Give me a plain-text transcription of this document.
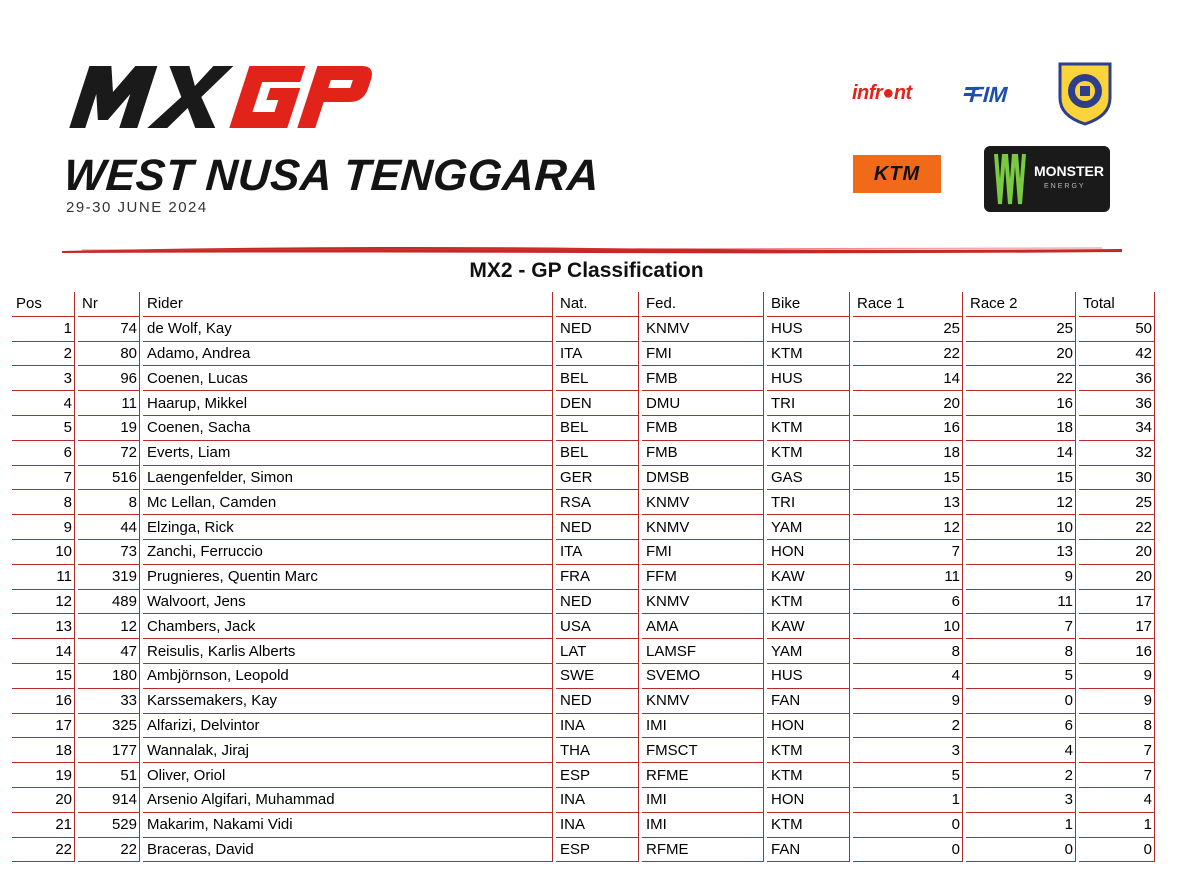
WEST NUSA TENGGARA
29-30 JUNE 2024
infr●nt	FIM
KTM	MONSTER
ENERGY
MX2 - GP Classification
Pos		Nr		Rider		Nat.		Fed.		Bike		Race 1		Race 2		Total
1		74		de Wolf, Kay		NED		KNMV		HUS		25		25		50
2		80		Adamo, Andrea		ITA		FMI		KTM		22		20		42
3		96		Coenen, Lucas		BEL		FMB		HUS		14		22		36
4		11		Haarup, Mikkel		DEN		DMU		TRI		20		16		36
5		19		Coenen, Sacha		BEL		FMB		KTM		16		18		34
6		72		Everts, Liam		BEL		FMB		KTM		18		14		32
7		516		Laengenfelder, Simon		GER		DMSB		GAS		15		15		30
8		8		Mc Lellan, Camden		RSA		KNMV		TRI		13		12		25
9		44		Elzinga, Rick		NED		KNMV		YAM		12		10		22
10		73		Zanchi, Ferruccio		ITA		FMI		HON		7		13		20
11		319		Prugnieres, Quentin Marc		FRA		FFM		KAW		11		9		20
12		489		Walvoort, Jens		NED		KNMV		KTM		6		11		17
13		12		Chambers, Jack		USA		AMA		KAW		10		7		17
14		47		Reisulis, Karlis Alberts		LAT		LAMSF		YAM		8		8		16
15		180		Ambjörnson, Leopold		SWE		SVEMO		HUS		4		5		9
16		33		Karssemakers, Kay		NED		KNMV		FAN		9		0		9
17		325		Alfarizi, Delvintor		INA		IMI		HON		2		6		8
18		177		Wannalak, Jiraj		THA		FMSCT		KTM		3		4		7
19		51		Oliver, Oriol		ESP		RFME		KTM		5		2		7
20		914		Arsenio Algifari, Muhammad		INA		IMI		HON		1		3		4
21		529		Makarim, Nakami Vidi		INA		IMI		KTM		0		1		1
22		22		Braceras, David		ESP		RFME		FAN		0		0		0
